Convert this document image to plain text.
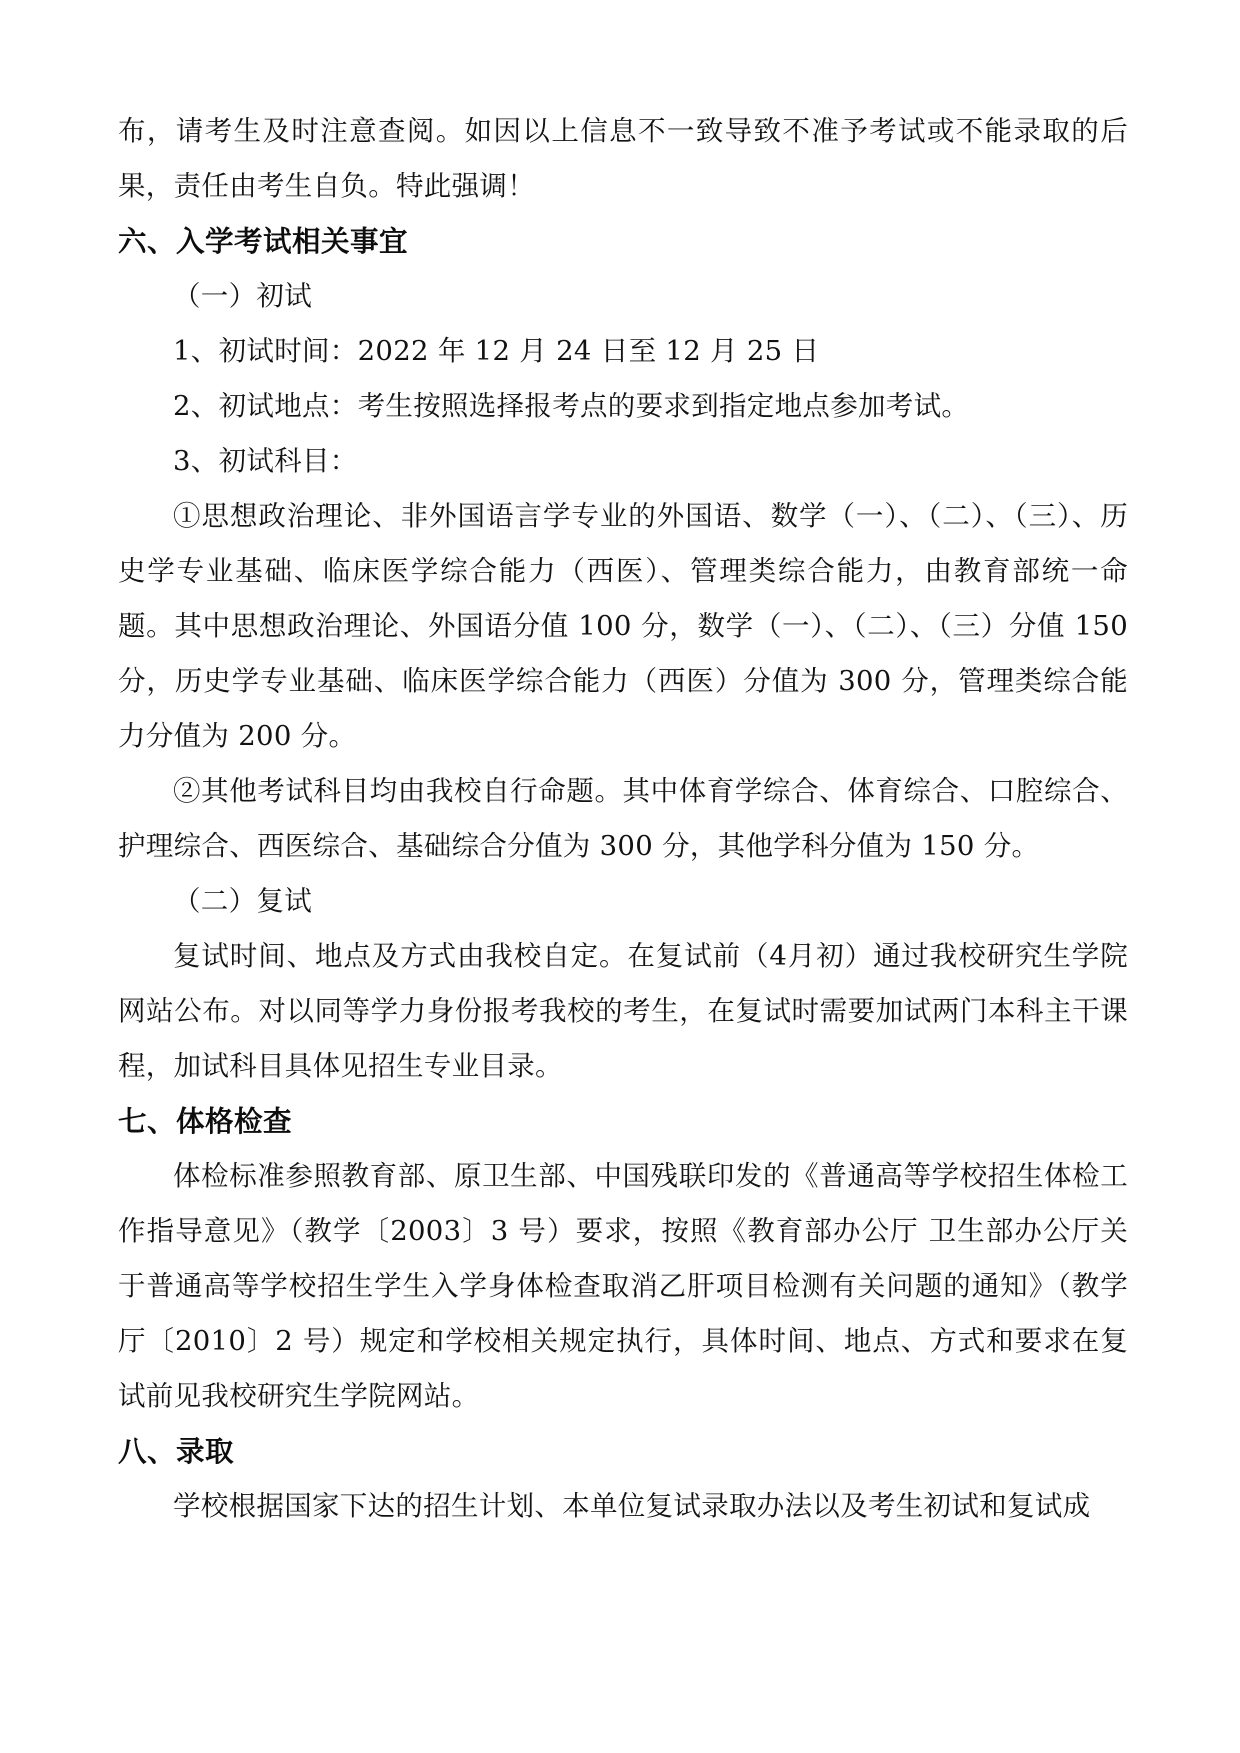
布，请考生及时注意查阅。如因以上信息不一致导致不准予考试或不能录取的后果，责任由考生自负。特此强调！

六、入学考试相关事宜

（一）初试

1、初试时间：2022 年 12 月 24 日至 12 月 25 日

2、初试地点：考生按照选择报考点的要求到指定地点参加考试。

3、初试科目：

①思想政治理论、非外国语言学专业的外国语、数学（一）、（二）、（三）、历史学专业基础、临床医学综合能力（西医）、管理类综合能力，由教育部统一命题。其中思想政治理论、外国语分值 100 分，数学（一）、（二）、（三）分值 150 分，历史学专业基础、临床医学综合能力（西医）分值为 300 分，管理类综合能力分值为 200 分。

②其他考试科目均由我校自行命题。其中体育学综合、体育综合、口腔综合、护理综合、西医综合、基础综合分值为 300 分，其他学科分值为 150 分。

（二）复试

复试时间、地点及方式由我校自定。在复试前（4月初）通过我校研究生学院网站公布。对以同等学力身份报考我校的考生，在复试时需要加试两门本科主干课程，加试科目具体见招生专业目录。

七、体格检查

体检标准参照教育部、原卫生部、中国残联印发的《普通高等学校招生体检工作指导意见》（教学〔2003〕3 号）要求，按照《教育部办公厅 卫生部办公厅关于普通高等学校招生学生入学身体检查取消乙肝项目检测有关问题的通知》（教学厅〔2010〕2 号）规定和学校相关规定执行，具体时间、地点、方式和要求在复试前见我校研究生学院网站。

八、录取

学校根据国家下达的招生计划、本单位复试录取办法以及考生初试和复试成
